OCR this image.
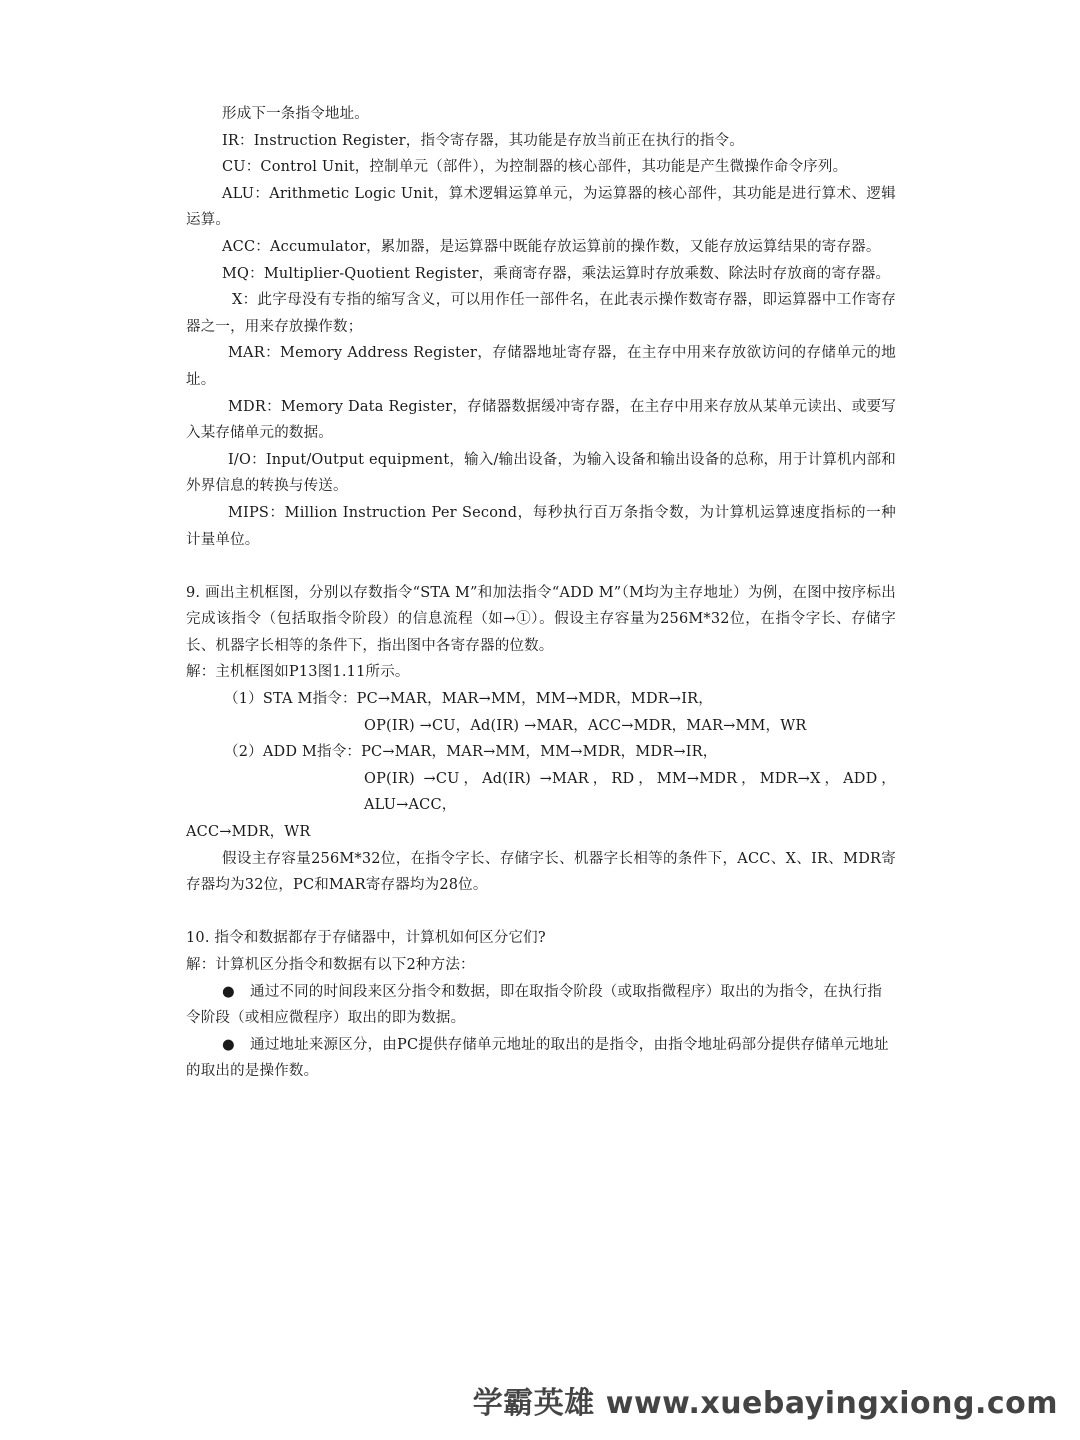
形成下一条指令地址。

IR：Instruction Register，指令寄存器，其功能是存放当前正在执行的指令。

CU：Control Unit，控制单元（部件），为控制器的核心部件，其功能是产生微操作命令序列。

ALU：Arithmetic Logic Unit，算术逻辑运算单元，为运算器的核心部件，其功能是进行算术、逻辑运算。

ACC：Accumulator，累加器，是运算器中既能存放运算前的操作数，又能存放运算结果的寄存器。

MQ：Multiplier-Quotient Register，乘商寄存器，乘法运算时存放乘数、除法时存放商的寄存器。

X：此字母没有专指的缩写含义，可以用作任一部件名，在此表示操作数寄存器，即运算器中工作寄存器之一，用来存放操作数；

MAR：Memory Address Register，存储器地址寄存器，在主存中用来存放欲访问的存储单元的地址。

MDR：Memory Data Register，存储器数据缓冲寄存器，在主存中用来存放从某单元读出、或要写入某存储单元的数据。

I/O：Input/Output equipment，输入/输出设备，为输入设备和输出设备的总称，用于计算机内部和外界信息的转换与传送。

MIPS：Million Instruction Per Second，每秒执行百万条指令数，为计算机运算速度指标的一种计量单位。

9. 画出主机框图，分别以存数指令“STA M”和加法指令“ADD M”（M均为主存地址）为例，在图中按序标出完成该指令（包括取指令阶段）的信息流程（如→①）。假设主存容量为256M*32位，在指令字长、存储字长、机器字长相等的条件下，指出图中各寄存器的位数。

解：主机框图如P13图1.11所示。

（1）STA M指令：PC→MAR，MAR→MM，MM→MDR，MDR→IR，

OP(IR) →CU，Ad(IR) →MAR，ACC→MDR，MAR→MM，WR

（2）ADD M指令：PC→MAR，MAR→MM，MM→MDR，MDR→IR，

OP(IR) →CU，Ad(IR) →MAR，RD，MM→MDR，MDR→X，ADD，ALU→ACC，

ACC→MDR，WR

假设主存容量256M*32位，在指令字长、存储字长、机器字长相等的条件下，ACC、X、IR、MDR寄存器均为32位，PC和MAR寄存器均为28位。

10. 指令和数据都存于存储器中，计算机如何区分它们?

解：计算机区分指令和数据有以下2种方法：

● 通过不同的时间段来区分指令和数据，即在取指令阶段（或取指微程序）取出的为指令，在执行指令阶段（或相应微程序）取出的即为数据。

● 通过地址来源区分，由PC提供存储单元地址的取出的是指令，由指令地址码部分提供存储单元地址的取出的是操作数。

学霸英雄 www.xuebayingxiong.com
